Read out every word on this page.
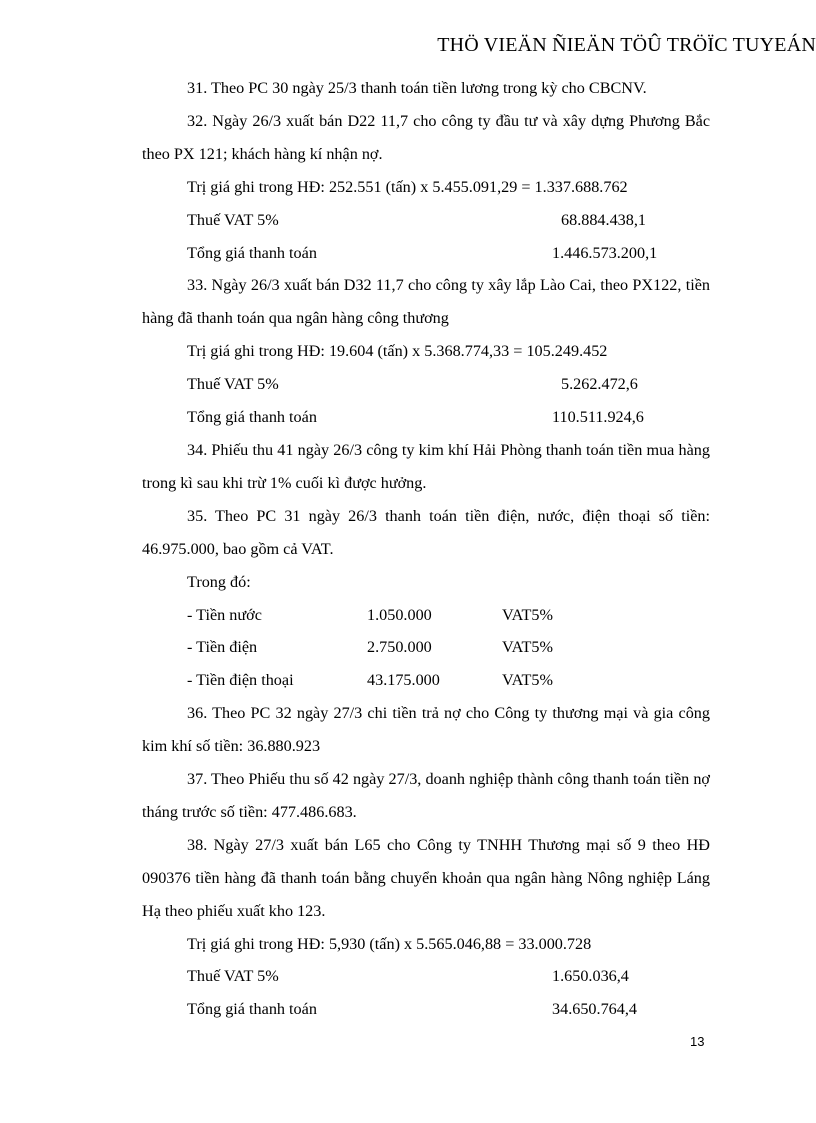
THÖ VIEÄN ÑIEÄN TÖÛ TRÖÏC TUYEÁN
31. Theo PC 30 ngày 25/3 thanh toán tiền lương trong kỳ cho CBCNV.
32. Ngày 26/3 xuất bán D22 11,7 cho công ty đầu tư và xây dựng Phương Bắc theo PX 121; khách hàng kí nhận nợ.
Trị giá ghi trong HĐ: 252.551 (tấn) x 5.455.091,29 = 1.337.688.762
Thuế VAT 5%	68.884.438,1
Tổng giá thanh toán	1.446.573.200,1
33. Ngày 26/3 xuất bán D32 11,7 cho công ty xây lắp Lào Cai, theo PX122, tiền hàng đã thanh toán qua ngân hàng công thương
Trị giá ghi trong HĐ: 19.604 (tấn) x 5.368.774,33 = 105.249.452
Thuế VAT 5%	5.262.472,6
Tổng giá thanh toán	110.511.924,6
34. Phiếu thu 41 ngày 26/3 công ty kim khí Hải Phòng thanh toán tiền mua hàng trong kì sau khi trừ 1% cuối kì được hưởng.
35. Theo PC 31 ngày 26/3 thanh toán tiền điện, nước, điện thoại số tiền: 46.975.000, bao gồm cả VAT.
Trong đó:
- Tiền nước	1.050.000	VAT5%
- Tiền điện	2.750.000	VAT5%
- Tiền điện thoại	43.175.000	VAT5%
36. Theo PC 32 ngày 27/3 chi tiền trả nợ cho Công ty thương mại và gia công kim khí số tiền: 36.880.923
37. Theo Phiếu thu số 42 ngày 27/3, doanh nghiệp thành công thanh toán tiền nợ tháng trước số tiền: 477.486.683.
38. Ngày 27/3 xuất bán L65 cho Công ty TNHH Thương mại số 9 theo HĐ 090376 tiền hàng đã thanh toán bằng chuyển khoản qua ngân hàng Nông nghiệp Láng Hạ theo phiếu xuất kho 123.
Trị giá ghi trong HĐ: 5,930 (tấn) x 5.565.046,88 = 33.000.728
Thuế VAT 5%	1.650.036,4
Tổng giá thanh toán	34.650.764,4
13
